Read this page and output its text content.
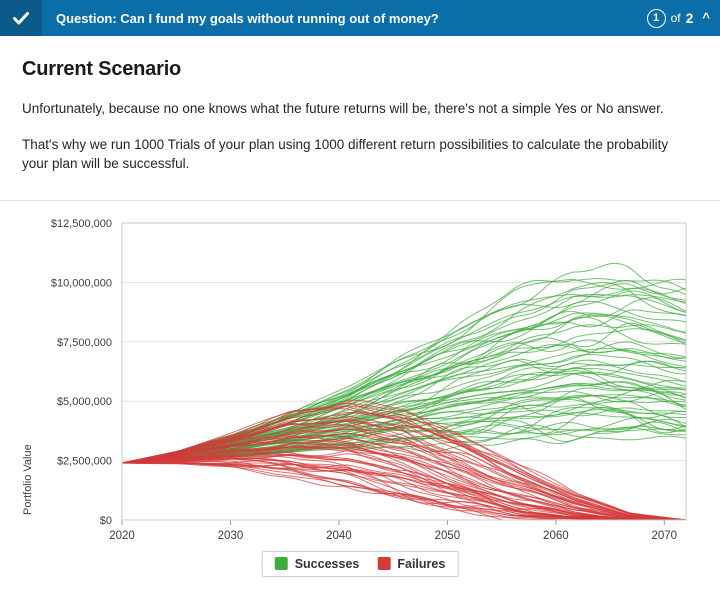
Question: Can I fund my goals without running out of money?	1 of 2 ^
Current Scenario

Unfortunately, because no one knows what the future returns will be, there's not a simple Yes or No answer.

That's why we run 1000 Trials of your plan using 1000 different return possibilities to calculate the probability your plan will be successful.

Portfolio Value
$0
$2,500,000
$5,000,000
$7,500,000
$10,000,000
$12,500,000
2020	2030	2040	2050	2060	2070
Successes	Failures
